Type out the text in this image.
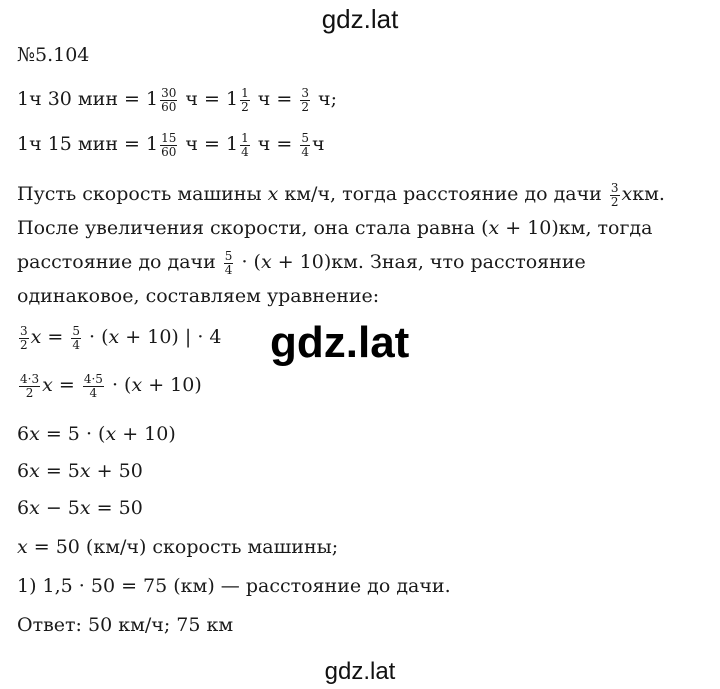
gdz.lat
№5.104
1ч 30 мин = $1 \frac{30}{60}$ $ч = 1 \frac{1}{2}$ $ч = \frac{3}{2} ч$;
1ч 15 мин = $1 \frac{15}{60}$ $ч = 1 \frac{1}{4}$ $ч = \frac{5}{4}$ ч
Пусть скорость машины x км/ч, тогда расстояние до дачи $\frac{3}{2}$ xкм. После увеличения скорости, она стала равна (x + 10)км, тогда расстояние до дачи $\frac{5}{4} \cdot (x + 10)км$. Зная, что расстояние одинаковое, составляем уравнение:
gdz.lat
$\frac{3}{2}$ $x = \frac{5}{4} \cdot (x + 10)$ | · 4
$\frac{4\cdot 3}{2}$ $x = \frac{4\cdot 5}{4} \cdot (x + 10)$
6x = 5 · (x + 10)
6x = 5x + 50
6x − 5x = 50
x = 50 (км/ч) скорость машины;
1) 1,5 · 50 = 75 (км) — расстояние до дачи.
Ответ: 50 км/ч; 75 км
gdz.lat
